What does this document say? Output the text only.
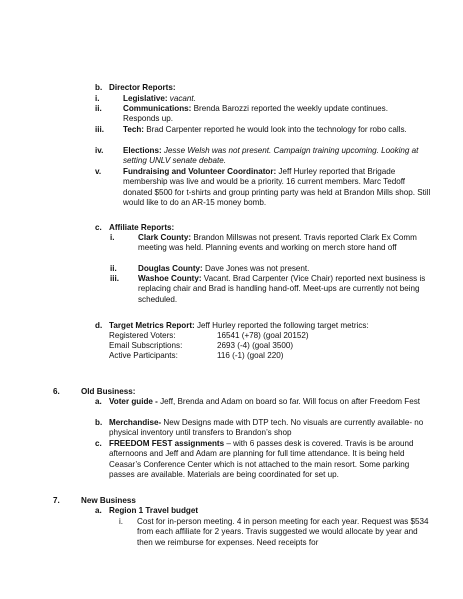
b. Director Reports:
i.	Legislative: vacant.

ii.	Communications: Brenda Barozzi reported the weekly update continues. Responds up.

iii. Tech: Brad Carpenter reported he would look into the technology for robo calls.

iv. Elections: Jesse Welsh was not present. Campaign training upcoming. Looking at setting UNLV senate debate.

v.	Fundraising and Volunteer Coordinator: Jeff Hurley reported that Brigade membership was live and would be a priority. 16 current members. Marc Tedoff donated $500 for t-shirts and group printing party was held at Brandon Mills shop. Still would like to do an AR-15 money bomb.

c. Affiliate Reports:
i.	Clark County: Brandon Millswas not present. Travis reported Clark Ex Comm meeting was held. Planning events and working on merch store hand off

ii.	Douglas County: Dave Jones was not present.

iii. Washoe County: Vacant. Brad Carpenter (Vice Chair) reported next business is replacing chair and Brad is handling hand-off. Meet-ups are currently not being scheduled.

d. Target Metrics Report: Jeff Hurley reported the following target metrics:

Registered Voters:	16541 (+78) (goal 20152)
Email Subscriptions:	2693 (-4) (goal 3500)
Active Participants:	116 (-1) (goal 220)
6.	Old Business:
a. Voter guide - Jeff, Brenda and Adam on board so far. Will focus on after Freedom Fest

b. Merchandise- New Designs made with DTP tech. No visuals are currently available- no physical inventory until transfers to Brandon’s shop

c. FREEDOM FEST assignments – with 6 passes desk is covered. Travis is be around afternoons and Jeff and Adam are planning for full time attendance. It is being held Ceasar’s Conference Center which is not attached to the main resort. Some parking passes are available. Materials are being coordinated for set up.

7.	New Business
a. Region 1 Travel budget
i. Cost for in-person meeting. 4 in person meeting for each year. Request was $534 from each affiliate for 2 years. Travis suggested we would allocate by year and then we reimburse for expenses. Need receipts for
